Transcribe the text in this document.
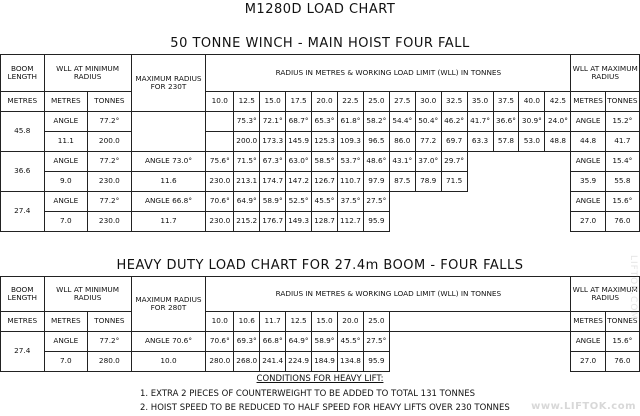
M1280D LOAD CHART
50 TONNE WINCH - MAIN HOIST FOUR FALL
BOOM LENGTH	WLL AT MINIMUM RADIUS		MAXIMUM RADIUS FOR 230T	RADIUS IN METRES & WORKING LOAD LIMIT (WLL) IN TONNES														WLL AT MAXIMUM RADIUS	

METRES	METRES	TONNES		10.0	12.5	15.0	17.5	20.0	22.5	25.0	27.5	30.0	32.5	35.0	37.5	40.0	42.5	METRES	TONNES
45.8	ANGLE	77.2°			75.3°	72.1°	68.7°	65.3°	61.8°	58.2°	54.4°	50.4°	46.2°	41.7°	36.6°	30.9°	24.0°	ANGLE	15.2°
	11.1	200.0			200.0	173.3	145.9	125.3	109.3	96.5	86.0	77.2	69.7	63.3	57.8	53.0	48.8	44.8	41.7
36.6	ANGLE	77.2°	ANGLE 73.0°	75.6°	71.5°	67.3°	63.0°	58.5°	53.7°	48.6°	43.1°	37.0°	29.7°					ANGLE	15.4°
	9.0	230.0	11.6	230.0	213.1	174.7	147.2	126.7	110.7	97.9	87.5	78.9	71.5					35.9	55.8
27.4	ANGLE	77.2°	ANGLE 66.8°	70.6°	64.9°	58.9°	52.5°	45.5°	37.5°	27.5°								ANGLE	15.6°
	7.0	230.0	11.7	230.0	215.2	176.7	149.3	128.7	112.7	95.9								27.0	76.0
HEAVY DUTY LOAD CHART FOR 27.4m BOOM - FOUR FALLS
BOOM LENGTH	WLL AT MINIMUM RADIUS		MAXIMUM RADIUS FOR 280T	RADIUS IN METRES & WORKING LOAD LIMIT (WLL) IN TONNES								WLL AT MAXIMUM RADIUS	

METRES	METRES	TONNES		10.0	10.6	11.7	12.5	15.0	20.0	25.0		METRES	TONNES
27.4	ANGLE	77.2°	ANGLE 70.6°	70.6°	69.3°	66.8°	64.9°	58.9°	45.5°	27.5°		ANGLE	15.6°
	7.0	280.0	10.0	280.0	268.0	241.4	224.9	184.9	134.8	95.9		27.0	76.0
CONDITIONS FOR HEAVY LIFT:
1. EXTRA 2 PIECES OF COUNTERWEIGHT TO BE ADDED TO TOTAL 131 TONNES
2. HOIST SPEED TO BE REDUCED TO HALF SPEED FOR HEAVY LIFTS OVER 230 TONNES
LIFTOK.COM
www.LIFTOK.com
